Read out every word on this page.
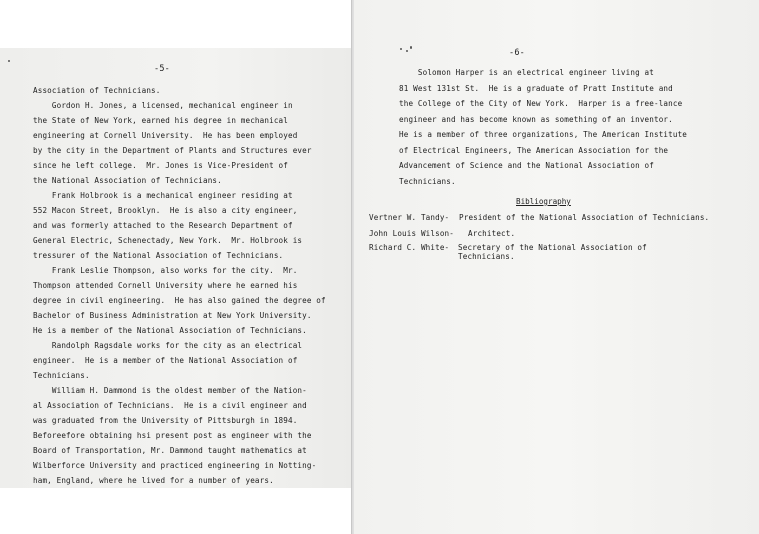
-5-
Association of Technicians.
Gordon H. Jones, a licensed, mechanical engineer in
the State of New York, earned his degree in mechanical
engineering at Cornell University.  He has been employed
by the city in the Department of Plants and Structures ever
since he left college.  Mr. Jones is Vice-President of
the National Association of Technicians.
Frank Holbrook is a mechanical engineer residing at
552 Macon Street, Brooklyn.  He is also a city engineer,
and was formerly attached to the Research Department of
General Electric, Schenectady, New York.  Mr. Holbrook is
tressurer of the National Association of Technicians.
Frank Leslie Thompson, also works for the city.  Mr.
Thompson attended Cornell University where he earned his
degree in civil engineering.  He has also gained the degree of
Bachelor of Business Administration at New York University.
He is a member of the National Association of Technicians.
Randolph Ragsdale works for the city as an electrical
engineer.  He is a member of the National Association of
Technicians.
William H. Dammond is the oldest member of the Nation-
al Association of Technicians.  He is a civil engineer and
was graduated from the University of Pittsburgh in 1894.
Beforeefore obtaining hsi present post as engineer with the
Board of Transportation, Mr. Dammond taught mathematics at
Wilberforce University and practiced engineering in Notting-
ham, England, where he lived for a number of years.
-6-
Bibliography
Solomon Harper is an electrical engineer living at
81 West 131st St.  He is a graduate of Pratt Institute and
the College of the City of New York.  Harper is a free-lance
engineer and has become known as something of an inventor.
He is a member of three organizations, The American Institute
of Electrical Engineers, The American Association for the
Advancement of Science and the National Association of
Technicians.
Vertner W. Tandy- President of the National Association of Technicians.
John Louis Wilson- Architect.
Richard C. White- Secretary of the National Association of
Technicians.
